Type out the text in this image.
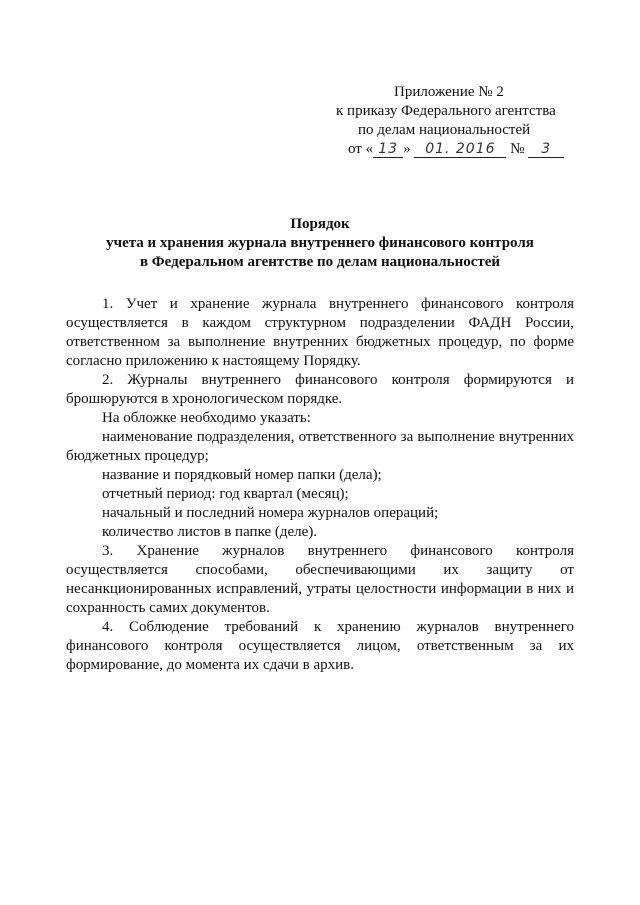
Приложение № 2
к приказу Федерального агентства
по делам национальностей
от « 13 » 01. 2016 № 3
Порядок
учета и хранения журнала внутреннего финансового контроля
в Федеральном агентстве по делам национальностей

1. Учет и хранение журнала внутреннего финансового контроля осуществляется в каждом структурном подразделении ФАДН России, ответственном за выполнение внутренних бюджетных процедур, по форме согласно приложению к настоящему Порядку.

2. Журналы внутреннего финансового контроля формируются и брошюруются в хронологическом порядке.

На обложке необходимо указать:

наименование подразделения, ответственного за выполнение внутренних бюджетных процедур;

название и порядковый номер папки (дела);

отчетный период: год квартал (месяц);

начальный и последний номера журналов операций;

количество листов в папке (деле).

3. Хранение журналов внутреннего финансового контроля осуществляется способами, обеспечивающими их защиту от несанкционированных исправлений, утраты целостности информации в них и сохранность самих документов.

4. Соблюдение требований к хранению журналов внутреннего финансового контроля осуществляется лицом, ответственным за их формирование, до момента их сдачи в архив.
